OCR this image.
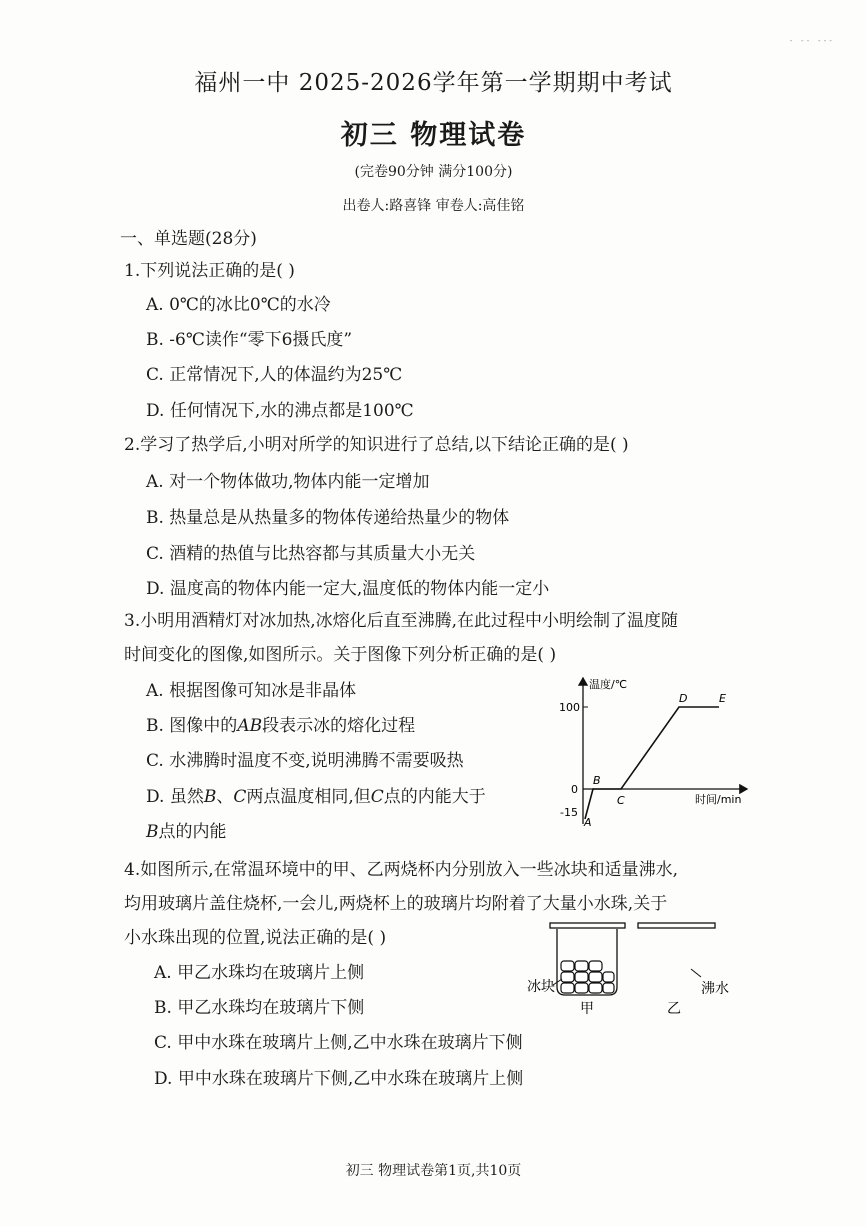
- -- ---
福州一中 2025-2026学年第一学期期中考试
初三 物理试卷
(完卷90分钟 满分100分)
出卷人:路喜锋 审卷人:高佳铭
一、单选题(28分)
1.下列说法正确的是( )
A. 0℃的冰比0℃的水冷
B. -6℃读作“零下6摄氏度”
C. 正常情况下,人的体温约为25℃
D. 任何情况下,水的沸点都是100℃
2.学习了热学后,小明对所学的知识进行了总结,以下结论正确的是( )
A. 对一个物体做功,物体内能一定增加
B. 热量总是从热量多的物体传递给热量少的物体
C. 酒精的热值与比热容都与其质量大小无关
D. 温度高的物体内能一定大,温度低的物体内能一定小
3.小明用酒精灯对冰加热,冰熔化后直至沸腾,在此过程中小明绘制了温度随
时间变化的图像,如图所示。关于图像下列分析正确的是( )
A. 根据图像可知冰是非晶体
B. 图像中的AB段表示冰的熔化过程
C. 水沸腾时温度不变,说明沸腾不需要吸热
D. 虽然B、C两点温度相同,但C点的内能大于
B点的内能
温度/℃
时间/min
100
0
-15
A
B
C
D	E
4.如图所示,在常温环境中的甲、乙两烧杯内分别放入一些冰块和适量沸水,
均用玻璃片盖住烧杯,一会儿,两烧杯上的玻璃片均附着了大量小水珠,关于
小水珠出现的位置,说法正确的是( )
A. 甲乙水珠均在玻璃片上侧
B. 甲乙水珠均在玻璃片下侧
C. 甲中水珠在玻璃片上侧,乙中水珠在玻璃片下侧
D. 甲中水珠在玻璃片下侧,乙中水珠在玻璃片上侧
冰块	沸水
甲	乙
初三 物理试卷第1页,共10页
